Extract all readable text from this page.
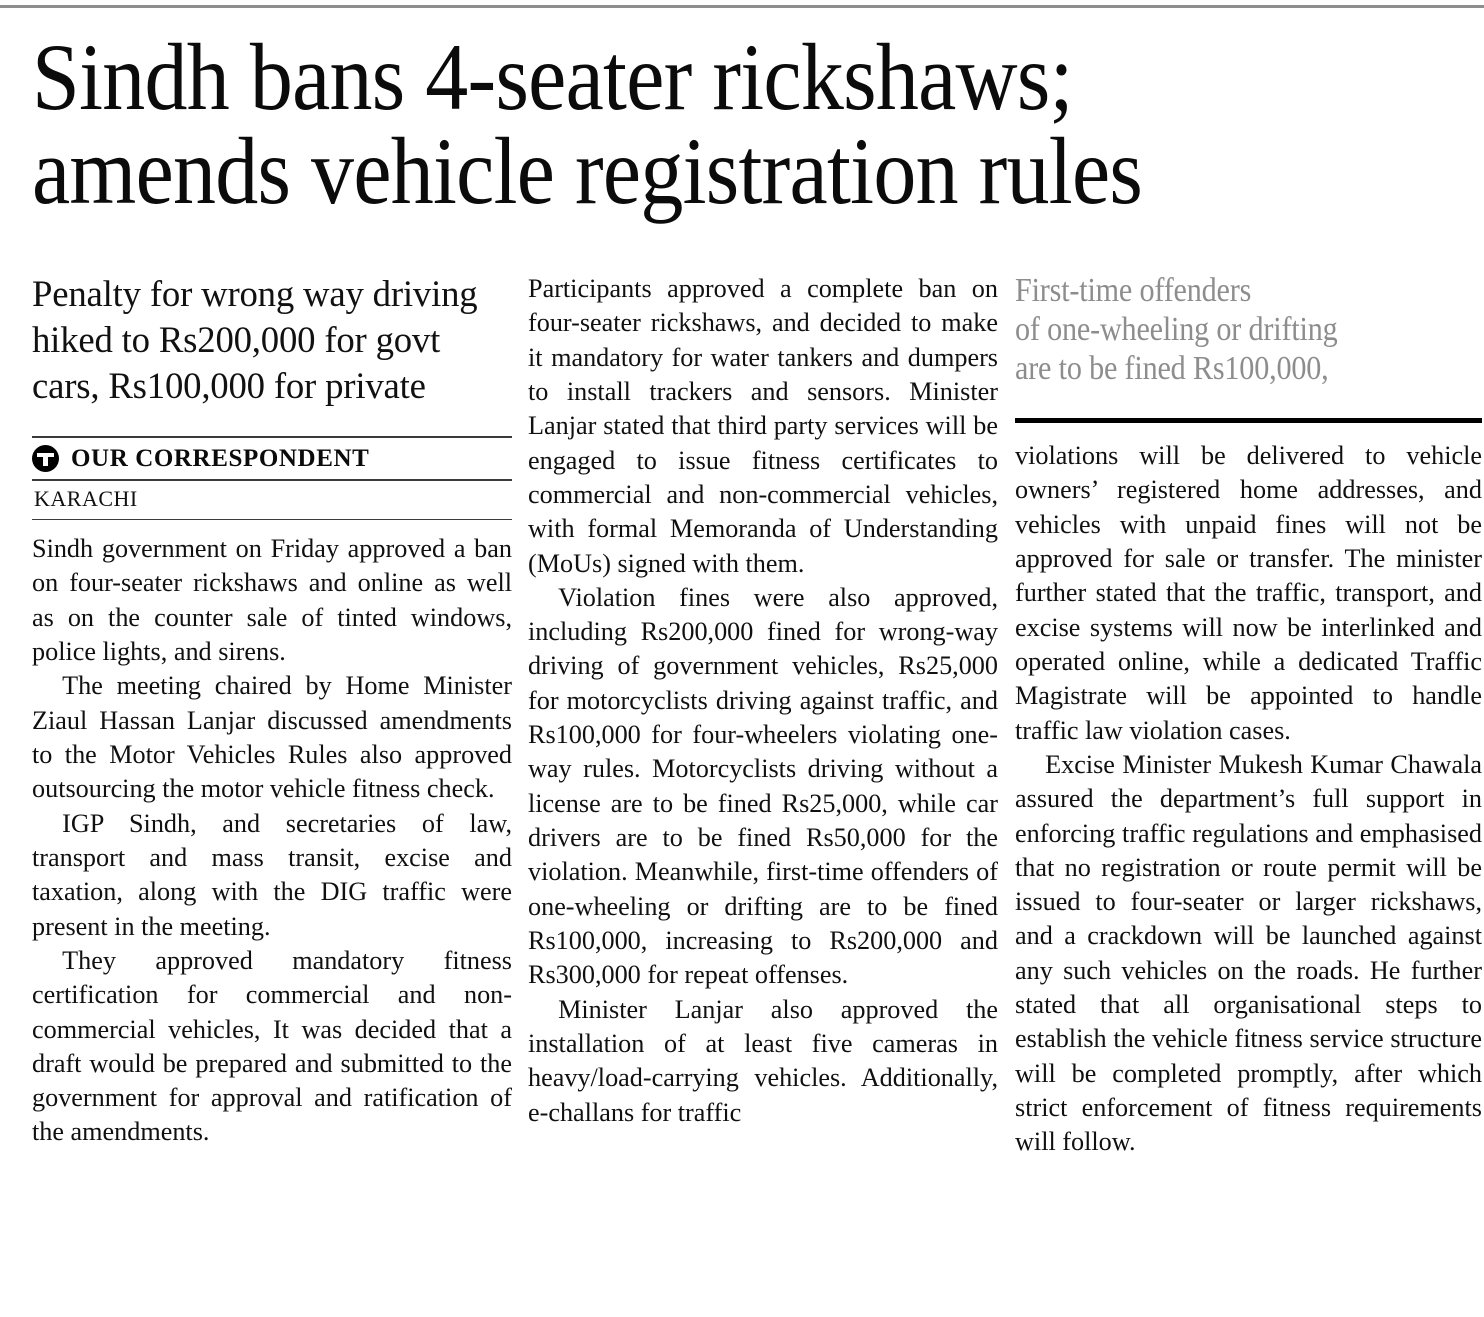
Sindh bans 4-seater rickshaws;
amends vehicle registration rules
Penalty for wrong way driving hiked to Rs200,000 for govt cars, Rs100,000 for private
OUR CORRESPONDENT
KARACHI

Sindh government on Friday approved a ban on four-seater rickshaws and online as well as on the counter sale of tinted windows, police lights, and sirens.

The meeting chaired by Home Minister Ziaul Hassan Lanjar discussed amendments to the Motor Vehicles Rules also approved outsourcing the motor vehicle fitness check.

IGP Sindh, and secretaries of law, transport and mass transit, excise and taxation, along with the DIG traffic were present in the meeting.

They approved mandatory fitness certification for commercial and non-commercial vehicles, It was decided that a draft would be prepared and submitted to the government for approval and ratification of the amendments.

Participants approved a complete ban on four-seater rickshaws, and decided to make it mandatory for water tankers and dumpers to install trackers and sensors. Minister Lanjar stated that third party services will be engaged to issue fitness certificates to commercial and non-commercial vehicles, with formal Memoranda of Understanding (MoUs) signed with them.

Violation fines were also approved, including Rs200,000 fined for wrong-way driving of government vehicles, Rs25,000 for motorcyclists driving against traffic, and Rs100,000 for four-wheelers violating one-way rules. Motorcyclists driving without a license are to be fined Rs25,000, while car drivers are to be fined Rs50,000 for the violation. Meanwhile, first-time offenders of one-wheeling or drifting are to be fined Rs100,000, increasing to Rs200,000 and Rs300,000 for repeat offenses.

Minister Lanjar also approved the installation of at least five cameras in heavy/load-carrying vehicles. Additionally, e-challans for traffic

First-time offenders
of one-wheeling or drifting
are to be fined Rs100,000,

violations will be delivered to vehicle owners’ registered home addresses, and vehicles with unpaid fines will not be approved for sale or transfer. The minister further stated that the traffic, transport, and excise systems will now be interlinked and operated online, while a dedicated Traffic Magistrate will be appointed to handle traffic law violation cases.

Excise Minister Mukesh Kumar Chawala assured the department’s full support in enforcing traffic regulations and emphasised that no registration or route permit will be issued to four-seater or larger rickshaws, and a crackdown will be launched against any such vehicles on the roads. He further stated that all organisational steps to establish the vehicle fitness service structure will be completed promptly, after which strict enforcement of fitness requirements will follow.
